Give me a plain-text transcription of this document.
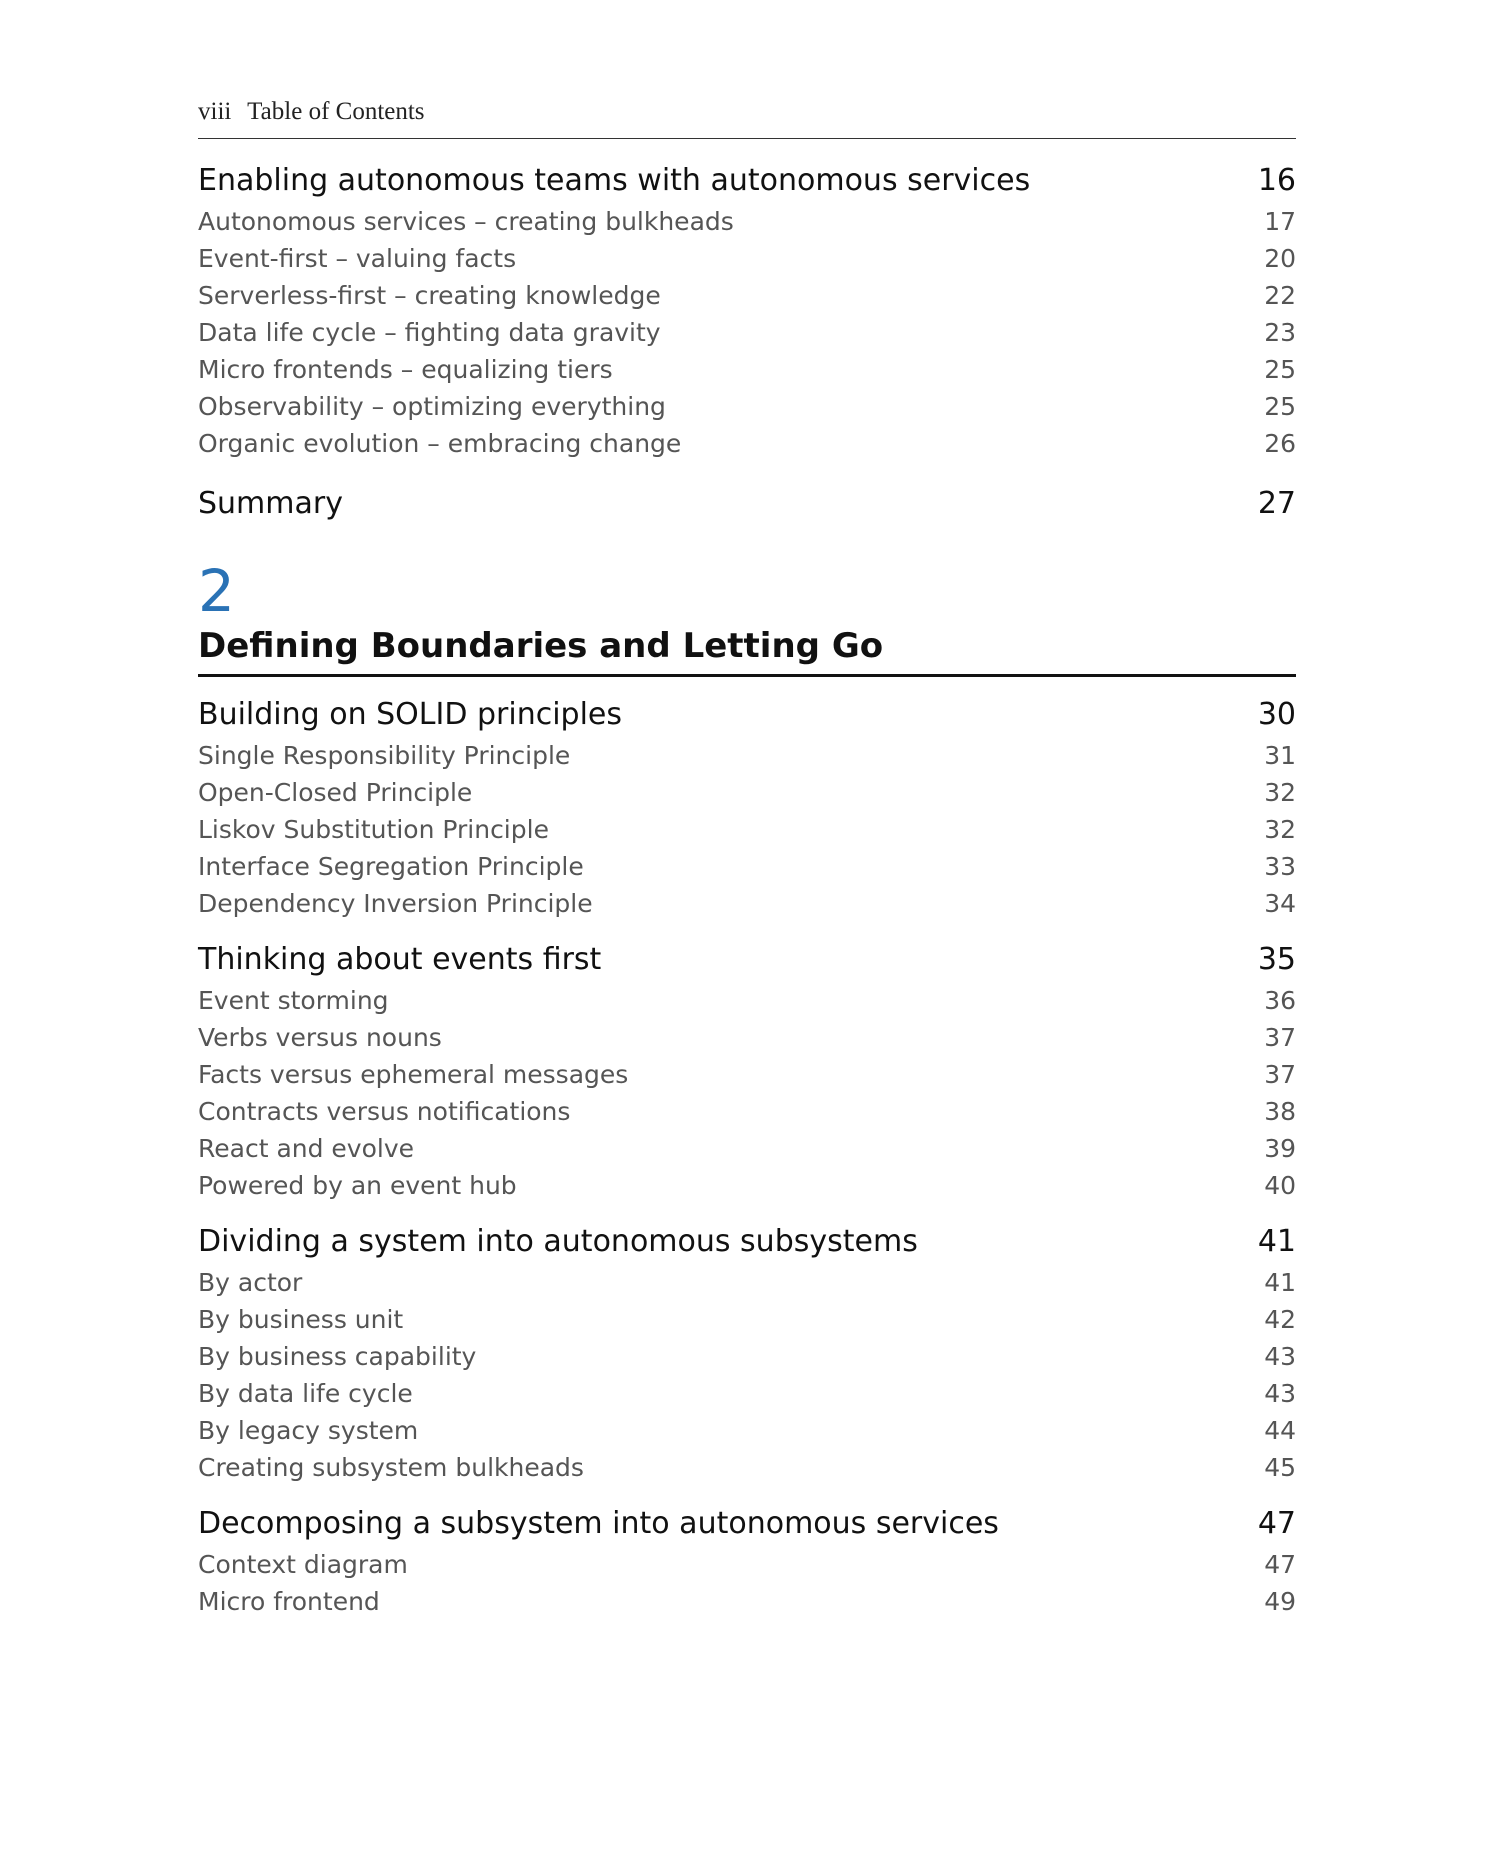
viii Table of Contents
Enabling autonomous teams with autonomous services	16
Autonomous services – creating bulkheads	17
Event-first – valuing facts	20
Serverless-first – creating knowledge	22
Data life cycle – fighting data gravity	23
Micro frontends – equalizing tiers	25
Observability – optimizing everything	25
Organic evolution – embracing change	26
Summary	27
2
Defining Boundaries and Letting Go
Building on SOLID principles	30
Single Responsibility Principle	31
Open-Closed Principle	32
Liskov Substitution Principle	32
Interface Segregation Principle	33
Dependency Inversion Principle	34
Thinking about events first	35
Event storming	36
Verbs versus nouns	37
Facts versus ephemeral messages	37
Contracts versus notifications	38
React and evolve	39
Powered by an event hub	40
Dividing a system into autonomous subsystems	41
By actor	41
By business unit	42
By business capability	43
By data life cycle	43
By legacy system	44
Creating subsystem bulkheads	45
Decomposing a subsystem into autonomous services	47
Context diagram	47
Micro frontend	49
